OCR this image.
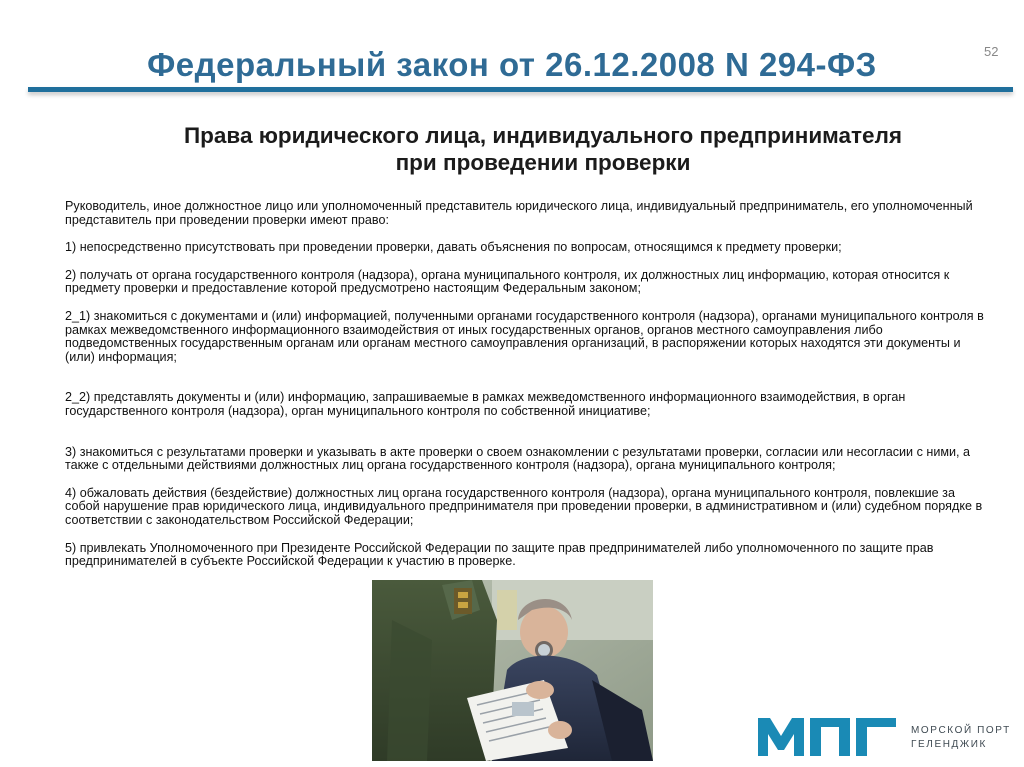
Федеральный закон от 26.12.2008 N 294-ФЗ	52
Права юридического лица, индивидуального предпринимателя
при проведении проверки

Руководитель, иное должностное лицо или уполномоченный представитель юридического лица, индивидуальный предприниматель, его уполномоченный представитель при проведении проверки имеют право:

1) непосредственно присутствовать при проведении проверки, давать объяснения по вопросам, относящимся к предмету проверки;

2) получать от органа государственного контроля (надзора), органа муниципального контроля, их должностных лиц информацию, которая относится к предмету проверки и предоставление которой предусмотрено настоящим Федеральным законом;

2_1) знакомиться с документами и (или) информацией, полученными органами государственного контроля (надзора), органами муниципального контроля в рамках межведомственного информационного взаимодействия от иных государственных органов, органов местного самоуправления либо подведомственных государственным органам или органам местного самоуправления организаций, в распоряжении которых находятся эти документы и (или) информация;

2_2) представлять документы и (или) информацию, запрашиваемые в рамках межведомственного информационного взаимодействия, в орган государственного контроля (надзора), орган муниципального контроля по собственной инициативе;

3) знакомиться с результатами проверки и указывать в акте проверки о своем ознакомлении с результатами проверки, согласии или несогласии с ними, а также с отдельными действиями должностных лиц органа государственного контроля (надзора), органа муниципального контроля;

4) обжаловать действия (бездействие) должностных лиц органа государственного контроля (надзора), органа муниципального контроля, повлекшие за собой нарушение прав юридического лица, индивидуального предпринимателя при проведении проверки, в административном и (или) судебном порядке в соответствии с законодательством Российской Федерации;

5) привлекать Уполномоченного при Президенте Российской Федерации по защите прав предпринимателей либо уполномоченного по защите прав предпринимателей в субъекте Российской Федерации к участию в проверке.

МОРСКОЙ ПОРТ
ГЕЛЕНДЖИК
